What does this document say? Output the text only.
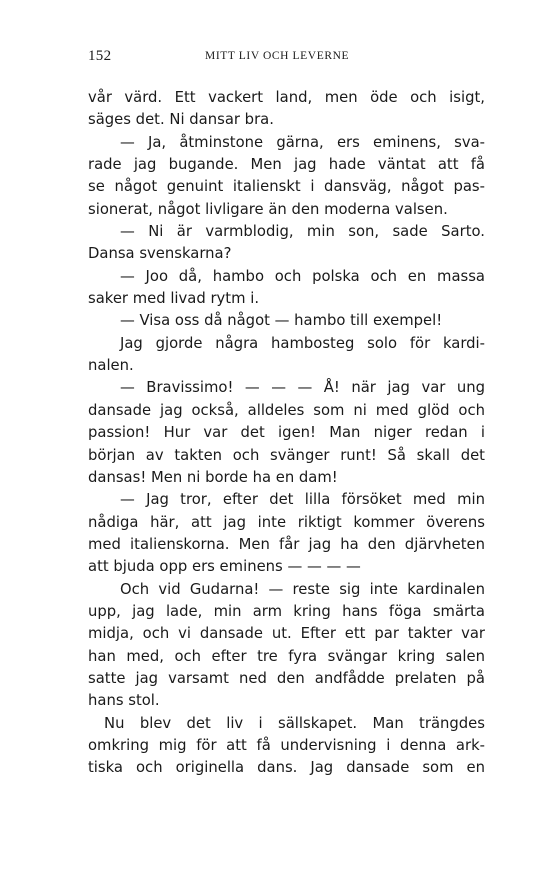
152	MITT LIV OCH LEVERNE
vår värd. Ett vackert land, men öde och isigt,
säges det. Ni dansar bra.
— Ja, åtminstone gärna, ers eminens, sva-
rade jag bugande. Men jag hade väntat att få
se något genuint italienskt i dansväg, något pas-
sionerat, något livligare än den moderna valsen.
— Ni är varmblodig, min son, sade Sarto.
Dansa svenskarna?
— Joo då, hambo och polska och en massa
saker med livad rytm i.
— Visa oss då något — hambo till exempel!
Jag gjorde några hambosteg solo för kardi-
nalen.
— Bravissimo! — — — Å! när jag var ung
dansade jag också, alldeles som ni med glöd och
passion! Hur var det igen! Man niger redan i
början av takten och svänger runt! Så skall det
dansas! Men ni borde ha en dam!
— Jag tror, efter det lilla försöket med min
nådiga här, att jag inte riktigt kommer överens
med italienskorna. Men får jag ha den djärvheten
att bjuda opp ers eminens — — — —
Och vid Gudarna! — reste sig inte kardinalen
upp, jag lade, min arm kring hans föga smärta
midja, och vi dansade ut. Efter ett par takter var
han med, och efter tre fyra svängar kring salen
satte jag varsamt ned den andfådde prelaten på
hans stol.
Nu blev det liv i sällskapet. Man trängdes
omkring mig för att få undervisning i denna ark-
tiska och originella dans. Jag dansade som en
